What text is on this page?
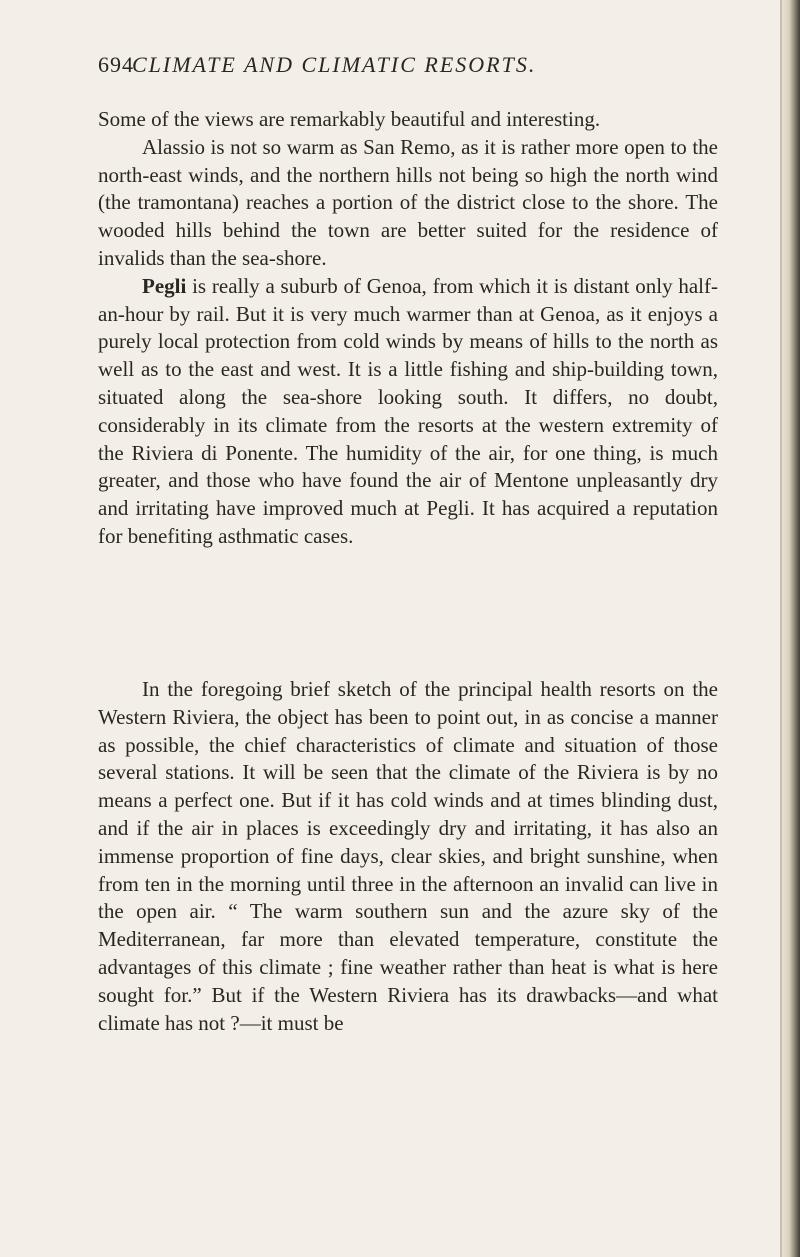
694
CLIMATE AND CLIMATIC RESORTS.

Some of the views are remarkably beautiful and interesting.

Alassio is not so warm as San Remo, as it is rather more open to the north-east winds, and the northern hills not being so high the north wind (the tramontana) reaches a portion of the district close to the shore. The wooded hills behind the town are better suited for the residence of invalids than the sea-shore.

Pegli is really a suburb of Genoa, from which it is distant only half-an-hour by rail. But it is very much warmer than at Genoa, as it enjoys a purely local protection from cold winds by means of hills to the north as well as to the east and west. It is a little fishing and ship-building town, situated along the sea-shore looking south. It differs, no doubt, considerably in its climate from the resorts at the western extremity of the Riviera di Ponente. The humidity of the air, for one thing, is much greater, and those who have found the air of Mentone unpleasantly dry and irritating have improved much at Pegli. It has acquired a reputation for benefiting asthmatic cases.

In the foregoing brief sketch of the principal health resorts on the Western Riviera, the object has been to point out, in as concise a manner as possible, the chief characteristics of climate and situation of those several stations. It will be seen that the climate of the Riviera is by no means a perfect one. But if it has cold winds and at times blinding dust, and if the air in places is exceedingly dry and irritating, it has also an immense proportion of fine days, clear skies, and bright sunshine, when from ten in the morning until three in the afternoon an invalid can live in the open air. “ The warm southern sun and the azure sky of the Mediterranean, far more than elevated temperature, constitute the advantages of this climate ; fine weather rather than heat is what is here sought for.” But if the Western Riviera has its drawbacks—and what climate has not ?—it must be
